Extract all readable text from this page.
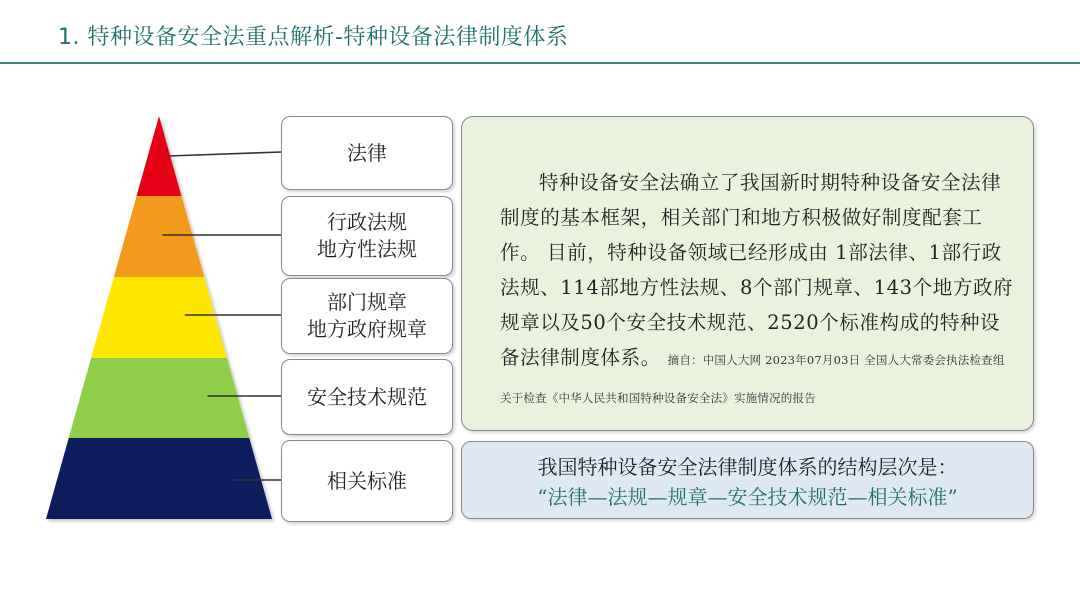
1. 特种设备安全法重点解析-特种设备法律制度体系
法律
行政法规
地方性法规
部门规章
地方政府规章
安全技术规范
相关标准
特种设备安全法确立了我国新时期特种设备安全法律制度的基本框架，相关部门和地方积极做好制度配套工作。 目前，特种设备领域已经形成由 1部法律、1部行政法规、114部地方性法规、8个部门规章、143个地方政府规章以及50个安全技术规范、2520个标准构成的特种设备法律制度体系。 摘自：中国人大网 2023年07月03日 全国人大常委会执法检查组 关于检查《中华人民共和国特种设备安全法》实施情况的报告
我国特种设备安全法律制度体系的结构层次是：
“法律—法规—规章—安全技术规范—相关标准”
